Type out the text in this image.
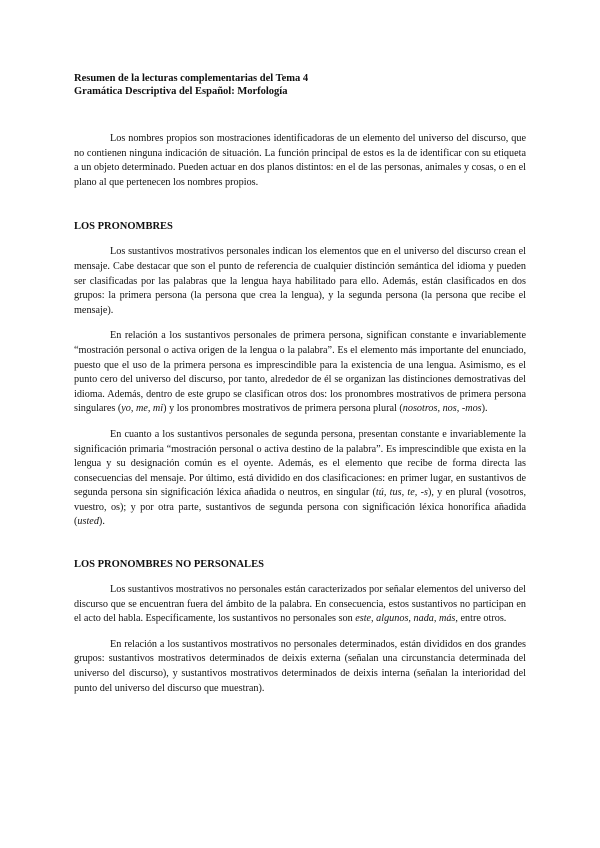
Resumen de la lecturas complementarias del Tema 4
Gramática Descriptiva del Español: Morfología

Los nombres propios son mostraciones identificadoras de un elemento del universo del discurso, que no contienen ninguna indicación de situación. La función principal de estos es la de identificar con su etiqueta a un objeto determinado. Pueden actuar en dos planos distintos: en el de las personas, animales y cosas, o en el plano al que pertenecen los nombres propios.

LOS PRONOMBRES

Los sustantivos mostrativos personales indican los elementos que en el universo del discurso crean el mensaje. Cabe destacar que son el punto de referencia de cualquier distinción semántica del idioma y pueden ser clasificadas por las palabras que la lengua haya habilitado para ello. Además, están clasificados en dos grupos: la primera persona (la persona que crea la lengua), y la segunda persona (la persona que recibe el mensaje).

En relación a los sustantivos personales de primera persona, significan constante e invariablemente “mostración personal o activa origen de la lengua o la palabra”. Es el elemento más importante del enunciado, puesto que el uso de la primera persona es imprescindible para la existencia de una lengua. Asimismo, es el punto cero del universo del discurso, por tanto, alrededor de él se organizan las distinciones demostrativas del idioma. Además, dentro de este grupo se clasifican otros dos: los pronombres mostrativos de primera persona singulares (yo, me, mi) y los pronombres mostrativos de primera persona plural (nosotros, nos, -mos).

En cuanto a los sustantivos personales de segunda persona, presentan constante e invariablemente la significación primaria “mostración personal o activa destino de la palabra”. Es imprescindible que exista en la lengua y su designación común es el oyente. Además, es el elemento que recibe de forma directa las consecuencias del mensaje. Por último, está dividido en dos clasificaciones: en primer lugar, en sustantivos de segunda persona sin significación léxica añadida o neutros, en singular (tú, tus, te, -s), y en plural (vosotros, vuestro, os); y por otra parte, sustantivos de segunda persona con significación léxica honorífica añadida (usted).

LOS PRONOMBRES NO PERSONALES

Los sustantivos mostrativos no personales están caracterizados por señalar elementos del universo del discurso que se encuentran fuera del ámbito de la palabra. En consecuencia, estos sustantivos no participan en el acto del habla. Específicamente, los sustantivos no personales son este, algunos, nada, más, entre otros.

En relación a los sustantivos mostrativos no personales determinados, están divididos en dos grandes grupos: sustantivos mostrativos determinados de deixis externa (señalan una circunstancia determinada del universo del discurso), y sustantivos mostrativos determinados de deixis interna (señalan la interioridad del punto del universo del discurso que muestran).
